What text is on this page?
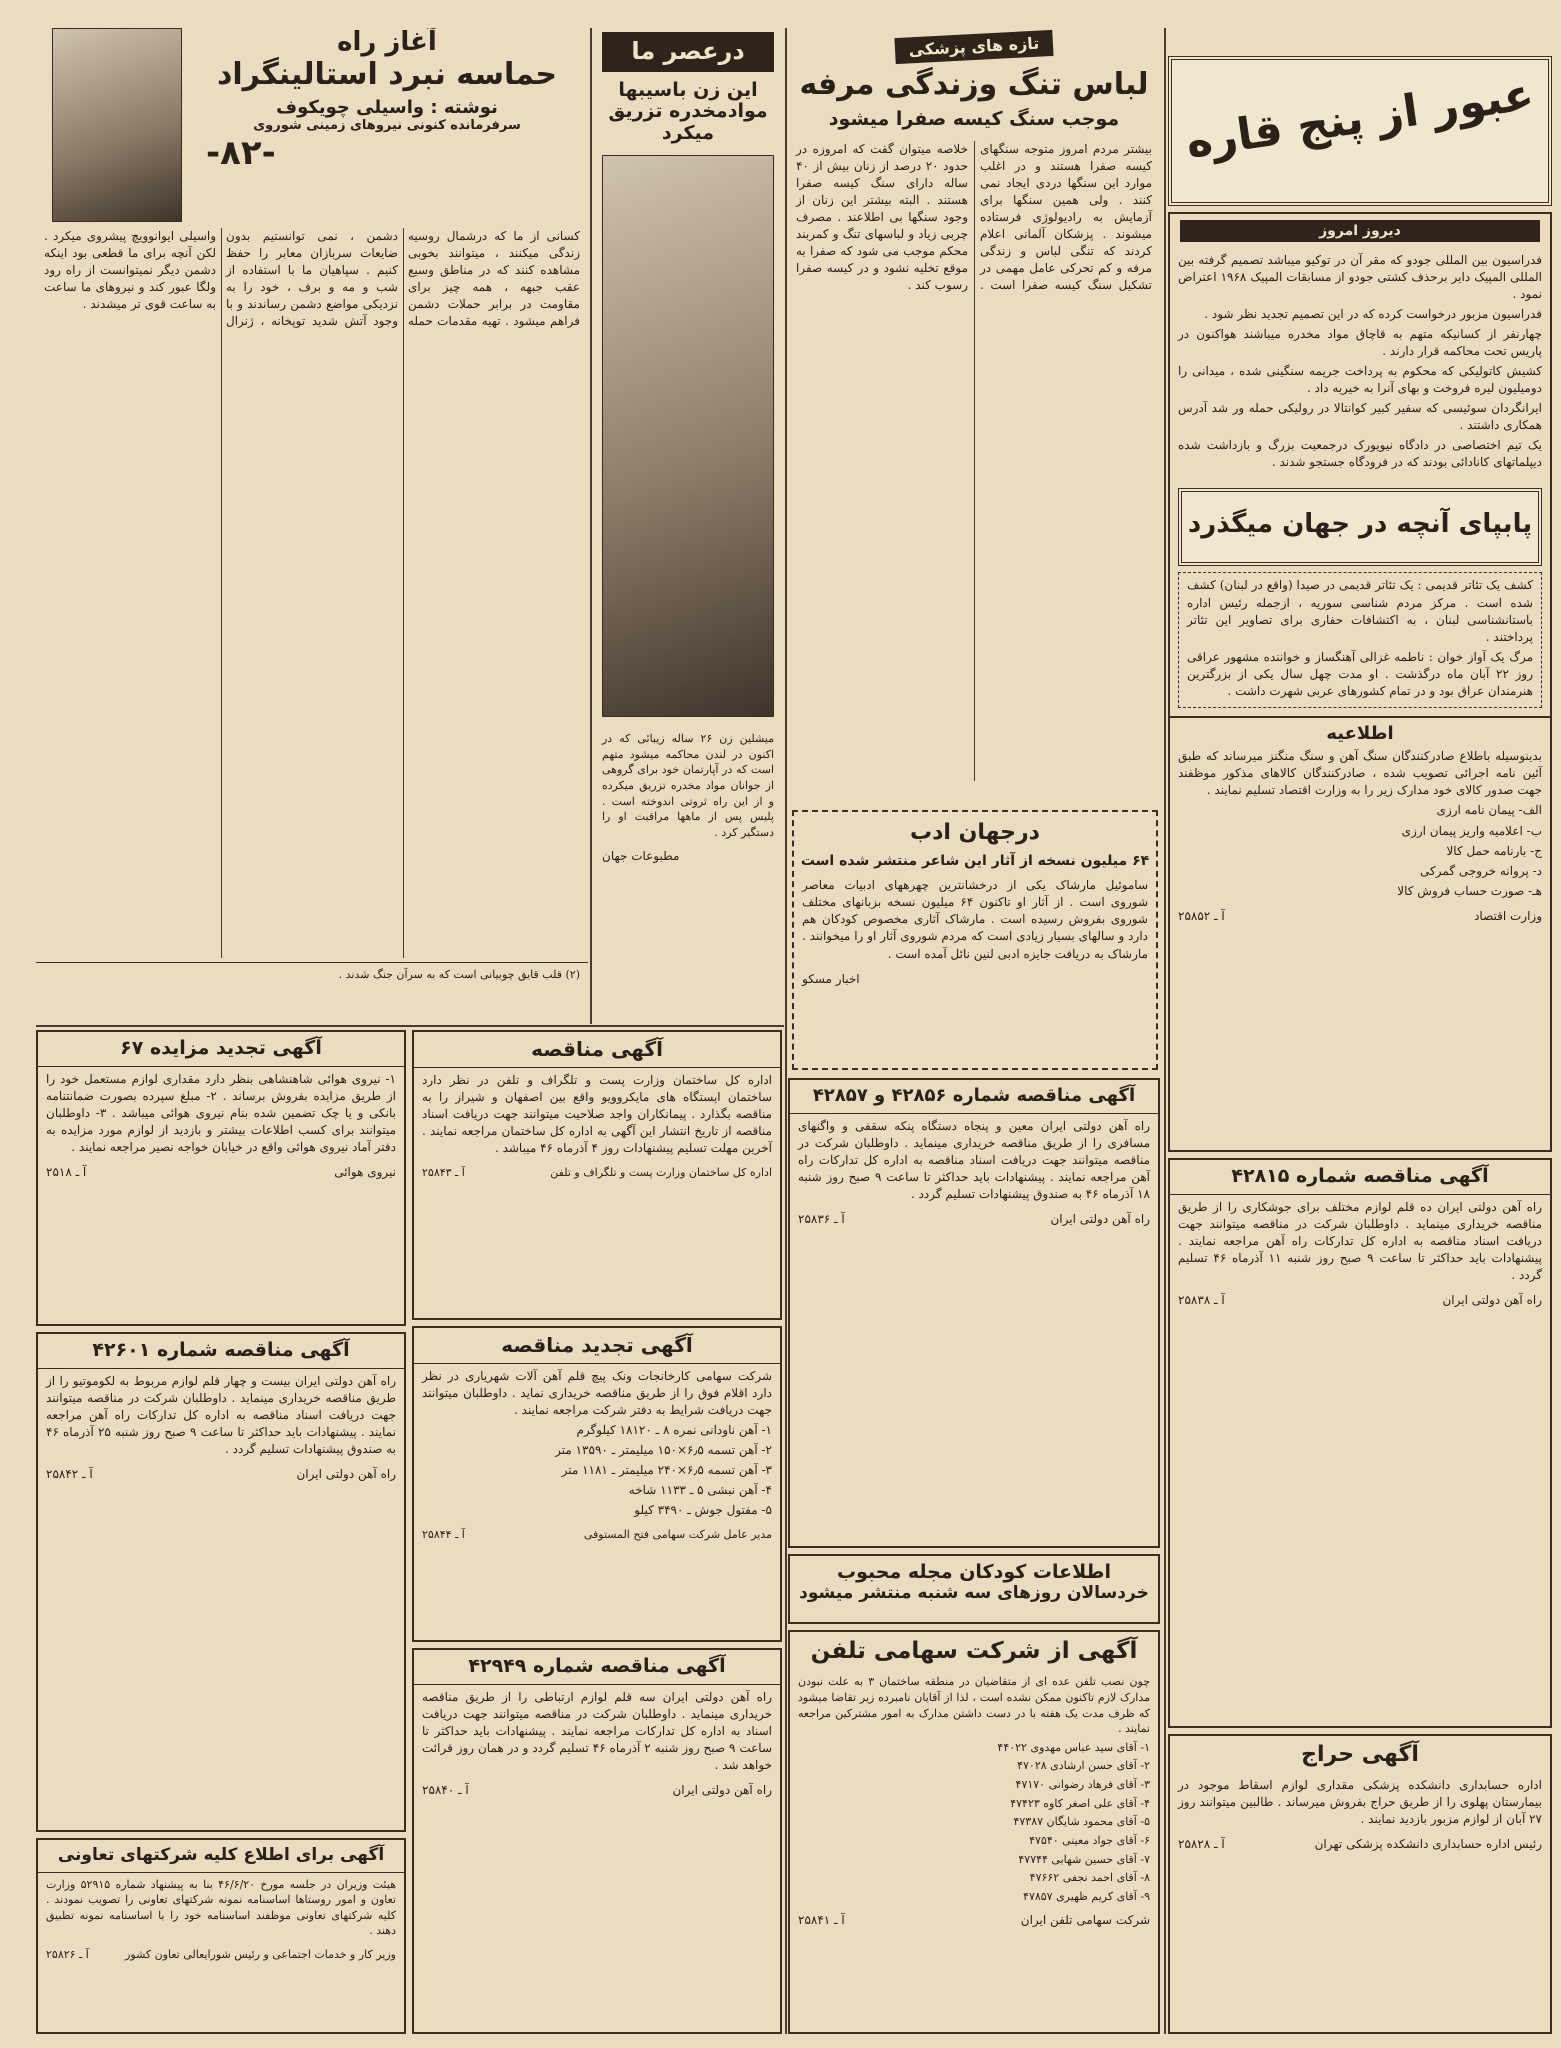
عبور از پنج قاره
دیروز امروز

فدراسیون بین المللی جودو که مقر آن در توکیو میباشد تصمیم گرفته بین المللی المپیک دایر برحذف کشتی جودو از مسابقات المپیک ۱۹۶۸ اعتراض نمود .

فدراسیون مزبور درخواست کرده که در این تصمیم تجدید نظر شود .

چهارنفر از کسانیکه متهم به قاچاق مواد مخدره میباشند هواکنون در پاریس تحت محاکمه قرار دارند .

کشیش کاتولیکی که محکوم به پرداخت جریمه سنگینی شده ، میدانی را دومیلیون لیره فروخت و بهای آنرا به خیریه داد .

ایرانگردان سوئیسی که سفیر کبیر کوانتالا در رولیکی حمله ور شد آدرس همکاری داشتند .

یک تیم اختصاصی در دادگاه نیویورک درجمعیت بزرگ و بازداشت شده دیپلماتهای کانادائی بودند که در فرودگاه جستجو شدند .

پابپای آنچه در جهان میگذرد

کشف یک تئاتر قدیمی : یک تئاتر قدیمی در صیدا (واقع در لبنان) کشف شده است . مرکز مردم شناسی سوریه ، ازجمله رئیس اداره باستانشناسی لبنان ، به اکتشافات حفاری برای تصاویر این تئاتر پرداختند .

مرگ یک آواز خوان : ناطمه غزالی آهنگساز و خواننده مشهور عراقی روز ۲۲ آبان ماه درگذشت . او مدت چهل سال یکی از بزرگترین هنرمندان عراق بود و در تمام کشورهای عربی شهرت داشت .

اطلاعیه

بدینوسیله باطلاع صادرکنندگان سنگ آهن و سنگ منگنز میرساند که طبق آئین نامه اجرائی تصویب شده ، صادرکنندگان کالاهای مذکور موظفند جهت صدور کالای خود مدارک زیر را به وزارت اقتصاد تسلیم نمایند .

الف- پیمان نامه ارزی

ب- اعلامیه واریز پیمان ارزی

ج- بارنامه حمل کالا

د- پروانه خروجی گمرکی

هـ- صورت حساب فروش کالا

وزارت اقتصاد
آ ـ ۲۵۸۵۲
آگهی مناقصه شماره ۴۲۸۱۵

راه آهن دولتی ایران ده قلم لوازم مختلف برای جوشکاری را از طریق مناقصه خریداری مینماید . داوطلبان شرکت در مناقصه میتوانند جهت دریافت اسناد مناقصه به اداره کل تدارکات راه آهن مراجعه نمایند . پیشنهادات باید حداکثر تا ساعت ۹ صبح روز شنبه ۱۱ آذرماه ۴۶ تسلیم گردد .

راه آهن دولتی ایران
آ ـ ۲۵۸۳۸
آگهی حراج

اداره حسابداری دانشکده پزشکی مقداری لوازم اسقاط موجود در بیمارستان پهلوی را از طریق حراج بفروش میرساند . طالبین میتوانند روز ۲۷ آبان از لوازم مزبور بازدید نمایند .

رئیس اداره حسابداری دانشکده پزشکی تهران
آ ـ ۲۵۸۲۸
تازه های پزشکی
لباس تنگ وزندگی مرفه
موجب سنگ کیسه صفرا میشود

بیشتر مردم امروز متوجه سنگهای کیسه صفرا هستند و در اغلب موارد این سنگها دردی ایجاد نمی کنند . ولی همین سنگها برای آزمایش به رادیولوژی فرستاده میشوند . پزشکان آلمانی اعلام کردند که تنگی لباس و زندگی مرفه و کم تحرکی عامل مهمی در تشکیل سنگ کیسه صفرا است . خلاصه میتوان گفت که امروزه در حدود ۲۰ درصد از زنان بیش از ۴۰ ساله دارای سنگ کیسه صفرا هستند . البته بیشتر این زنان از وجود سنگها بی اطلاعند . مصرف چربی زیاد و لباسهای تنگ و کمربند محکم موجب می شود که صفرا به موقع تخلیه نشود و در کیسه صفرا رسوب کند .

درجهان ادب
۶۴ میلیون نسخه از آثار این شاعر منتشر شده است

ساموئیل مارشاک یکی از درخشانترین چهرههای ادبیات معاصر شوروی است . از آثار او تاکنون ۶۴ میلیون نسخه بزبانهای مختلف شوروی بفروش رسیده است . مارشاک آثاری مخصوص کودکان هم دارد و سالهای بسیار زیادی است که مردم شوروی آثار او را میخوانند . مارشاک به دریافت جایزه ادبی لنین نائل آمده است .

اخبار مسکو
آگهی مناقصه شماره ۴۲۸۵۶ و ۴۲۸۵۷

راه آهن دولتی ایران معین و پنجاه دستگاه پنکه سقفی و واگنهای مسافری را از طریق مناقصه خریداری مینماید . داوطلبان شرکت در مناقصه میتوانند جهت دریافت اسناد مناقصه به اداره کل تدارکات راه آهن مراجعه نمایند . پیشنهادات باید حداکثر تا ساعت ۹ صبح روز شنبه ۱۸ آذرماه ۴۶ به صندوق پیشنهادات تسلیم گردد .

راه آهن دولتی ایران
آ ـ ۲۵۸۳۶
اطلاعات کودکان مجله محبوب
خردسالان روزهای سه شنبه منتشر میشود
آگهی از شرکت سهامی تلفن

چون نصب تلفن عده ای از متقاضیان در منطقه ساختمان ۳ به علت نبودن مدارک لازم تاکنون ممکن نشده است ، لذا از آقایان نامبرده زیر تقاضا میشود که ظرف مدت یک هفته با در دست داشتن مدارک به امور مشترکین مراجعه نمایند .

۱- آقای سید عباس مهدوی ۴۴۰۲۲

۲- آقای حسن ارشادی ۴۷۰۲۸

۳- آقای فرهاد رضوانی ۴۷۱۷۰

۴- آقای علی اصغر کاوه ۴۷۴۲۳

۵- آقای محمود شایگان ۴۷۳۸۷

۶- آقای جواد معینی ۴۷۵۴۰

۷- آقای حسین شهابی ۴۷۷۴۴

۸- آقای احمد نجفی ۴۷۶۶۲

۹- آقای کریم ظهیری ۴۷۸۵۷

شرکت سهامی تلفن ایران
آ ـ ۲۵۸۴۱
درعصر ما
این زن باسیبها موادمخدره تزریق میکرد

میشلین زن ۲۶ ساله زیبائی که در اکنون در لندن محاکمه میشود متهم است که در آپارتمان خود برای گروهی از جوانان مواد مخدره تزریق میکرده و از این راه ثروتی اندوخته است . پلیس پس از ماهها مراقبت او را دستگیر کرد .

مطبوعات جهان
آغاز راه
حماسه نبرد استالینگراد
نوشته : واسیلی چویکوف
سرفرمانده کنونی نیروهای زمینی شوروی
-۸۲-

کسانی از ما که درشمال روسیه زندگی میکنند ، میتوانند بخوبی مشاهده کنند که در مناطق وسیع عقب جبهه ، همه چیز برای مقاومت در برابر حملات دشمن فراهم میشود . تهیه مقدمات حمله دشمن ، نمی توانستیم بدون ضایعات سربازان معابر را حفظ کنیم . سپاهیان ما با استفاده از شب و مه و برف ، خود را به نزدیکی مواضع دشمن رساندند و با وجود آتش شدید توپخانه ، ژنرال واسیلی ایوانوویچ پیشروی میکرد . لکن آنچه برای ما قطعی بود اینکه دشمن دیگر نمیتوانست از راه رود ولگا عبور کند و نیروهای ما ساعت به ساعت قوی تر میشدند .

(۲) قلب قایق چوبیانی است که به سرآن جنگ شدند .

آگهی تجدید مزایده ۶۷

۱- نیروی هوائی شاهنشاهی بنظر دارد مقداری لوازم مستعمل خود را از طریق مزایده بفروش برساند . ۲- مبلغ سپرده بصورت ضمانتنامه بانکی و یا چک تضمین شده بنام نیروی هوائی میباشد . ۳- داوطلبان میتوانند برای کسب اطلاعات بیشتر و بازدید از لوازم مورد مزایده به دفتر آماد نیروی هوائی واقع در خیابان خواجه نصیر مراجعه نمایند .

نیروی هوائی
آ ـ ۲۵۱۸
آگهی مناقصه شماره ۴۲۶۰۱

راه آهن دولتی ایران بیست و چهار قلم لوازم مربوط به لکوموتیو را از طریق مناقصه خریداری مینماید . داوطلبان شرکت در مناقصه میتوانند جهت دریافت اسناد مناقصه به اداره کل تدارکات راه آهن مراجعه نمایند . پیشنهادات باید حداکثر تا ساعت ۹ صبح روز شنبه ۲۵ آذرماه ۴۶ به صندوق پیشنهادات تسلیم گردد .

راه آهن دولتی ایران
آ ـ ۲۵۸۴۲
آگهی برای اطلاع کلیه شرکتهای تعاونی

هیئت وزیران در جلسه مورخ ۴۶/۶/۲۰ بنا به پیشنهاد شماره ۵۲۹۱۵ وزارت تعاون و امور روستاها اساسنامه نمونه شرکتهای تعاونی را تصویب نمودند . کلیه شرکتهای تعاونی موظفند اساسنامه خود را با اساسنامه نمونه تطبیق دهند .

وزیر کار و خدمات اجتماعی و رئیس شورایعالی تعاون کشور
آ ـ ۲۵۸۲۶
آگهی مناقصه

اداره کل ساختمان وزارت پست و تلگراف و تلفن در نظر دارد ساختمان ایستگاه های مایکروویو واقع بین اصفهان و شیراز را به مناقصه بگذارد . پیمانکاران واجد صلاحیت میتوانند جهت دریافت اسناد مناقصه از تاریخ انتشار این آگهی به اداره کل ساختمان مراجعه نمایند . آخرین مهلت تسلیم پیشنهادات روز ۴ آذرماه ۴۶ میباشد .

اداره کل ساختمان وزارت پست و تلگراف و تلفن
آ ـ ۲۵۸۴۳
آگهی تجدید مناقصه

شرکت سهامی کارخانجات ونک پیچ قلم آهن آلات شهریاری در نظر دارد اقلام فوق را از طریق مناقصه خریداری نماید . داوطلبان میتوانند جهت دریافت شرایط به دفتر شرکت مراجعه نمایند .

۱- آهن ناودانی نمره ۸ ـ ۱۸۱۲۰ کیلوگرم

۲- آهن تسمه ۶٫۵×۱۵۰ میلیمتر ـ ۱۳۵۹۰ متر

۳- آهن تسمه ۶٫۵×۲۴۰ میلیمتر ـ ۱۱۸۱ متر

۴- آهن نبشی ۵ ـ ۱۱۳۳ شاخه

۵- مفتول جوش ـ ۳۴۹۰ کیلو

مدیر عامل شرکت سهامی فتح المستوفی
آ ـ ۲۵۸۴۴
آگهی مناقصه شماره ۴۲۹۴۹

راه آهن دولتی ایران سه قلم لوازم ارتباطی را از طریق مناقصه خریداری مینماید . داوطلبان شرکت در مناقصه میتوانند جهت دریافت اسناد به اداره کل تدارکات مراجعه نمایند . پیشنهادات باید حداکثر تا ساعت ۹ صبح روز شنبه ۲ آذرماه ۴۶ تسلیم گردد و در همان روز قرائت خواهد شد .

راه آهن دولتی ایران
آ ـ ۲۵۸۴۰
